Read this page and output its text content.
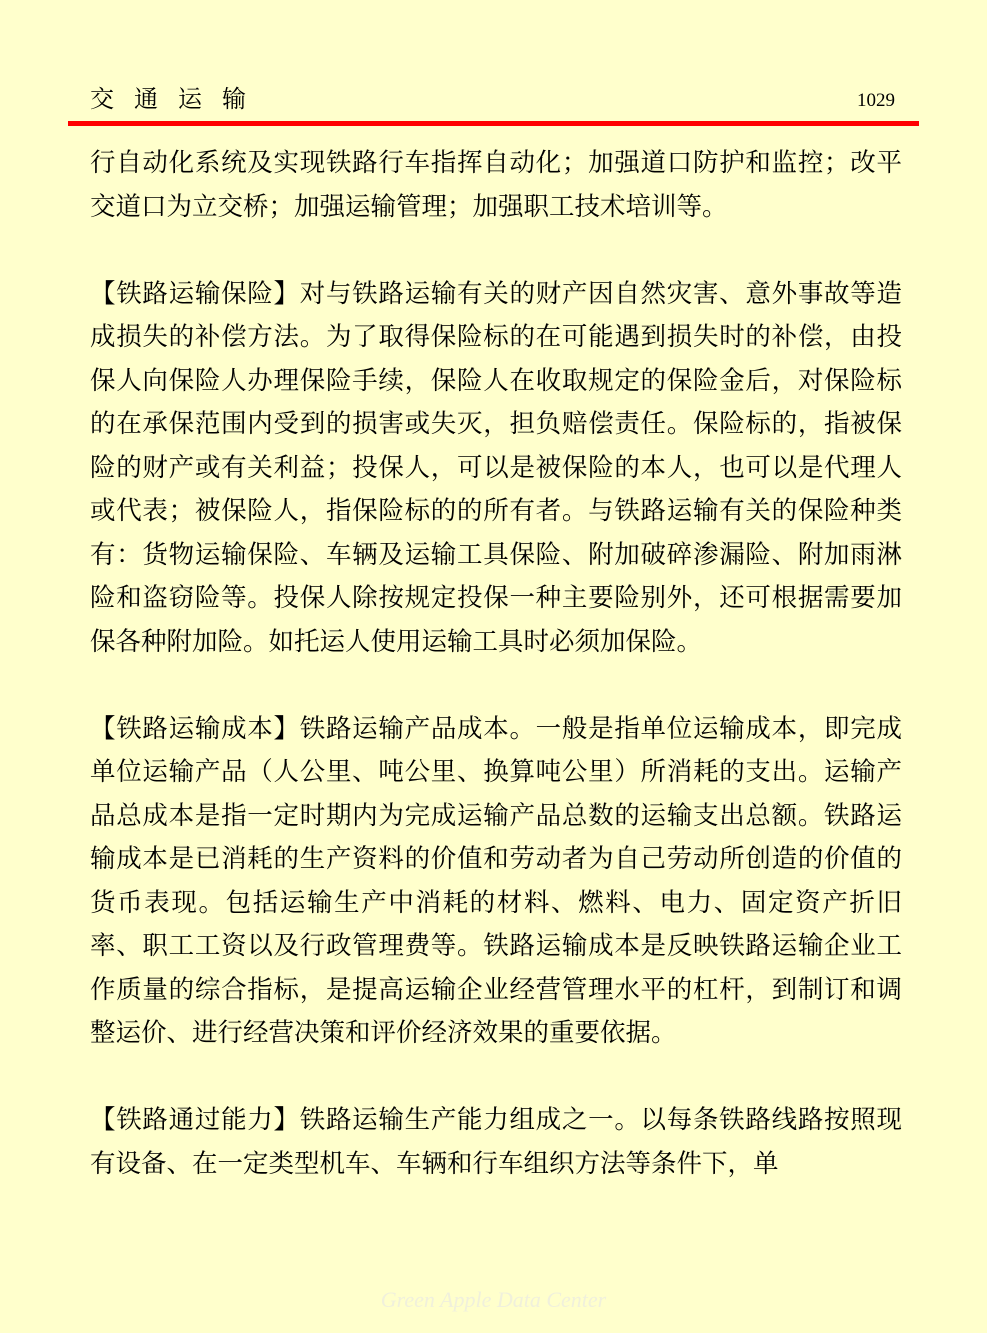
交通运输	1029

行自动化系统及实现铁路行车指挥自动化；加强道口防护和监控；改平交道口为立交桥；加强运输管理；加强职工技术培训等。

【铁路运输保险】对与铁路运输有关的财产因自然灾害、意外事故等造成损失的补偿方法。为了取得保险标的在可能遇到损失时的补偿，由投保人向保险人办理保险手续，保险人在收取规定的保险金后，对保险标的在承保范围内受到的损害或失灭，担负赔偿责任。保险标的，指被保险的财产或有关利益；投保人，可以是被保险的本人，也可以是代理人或代表；被保险人，指保险标的的所有者。与铁路运输有关的保险种类有：货物运输保险、车辆及运输工具保险、附加破碎渗漏险、附加雨淋险和盗窃险等。投保人除按规定投保一种主要险别外，还可根据需要加保各种附加险。如托运人使用运输工具时必须加保险。

【铁路运输成本】铁路运输产品成本。一般是指单位运输成本，即完成单位运输产品（人公里、吨公里、换算吨公里）所消耗的支出。运输产品总成本是指一定时期内为完成运输产品总数的运输支出总额。铁路运输成本是已消耗的生产资料的价值和劳动者为自己劳动所创造的价值的货币表现。包括运输生产中消耗的材料、燃料、电力、固定资产折旧率、职工工资以及行政管理费等。铁路运输成本是反映铁路运输企业工作质量的综合指标，是提高运输企业经营管理水平的杠杆，到制订和调整运价、进行经营决策和评价经济效果的重要依据。

【铁路通过能力】铁路运输生产能力组成之一。以每条铁路线路按照现有设备、在一定类型机车、车辆和行车组织方法等条件下，单

Green Apple Data Center
